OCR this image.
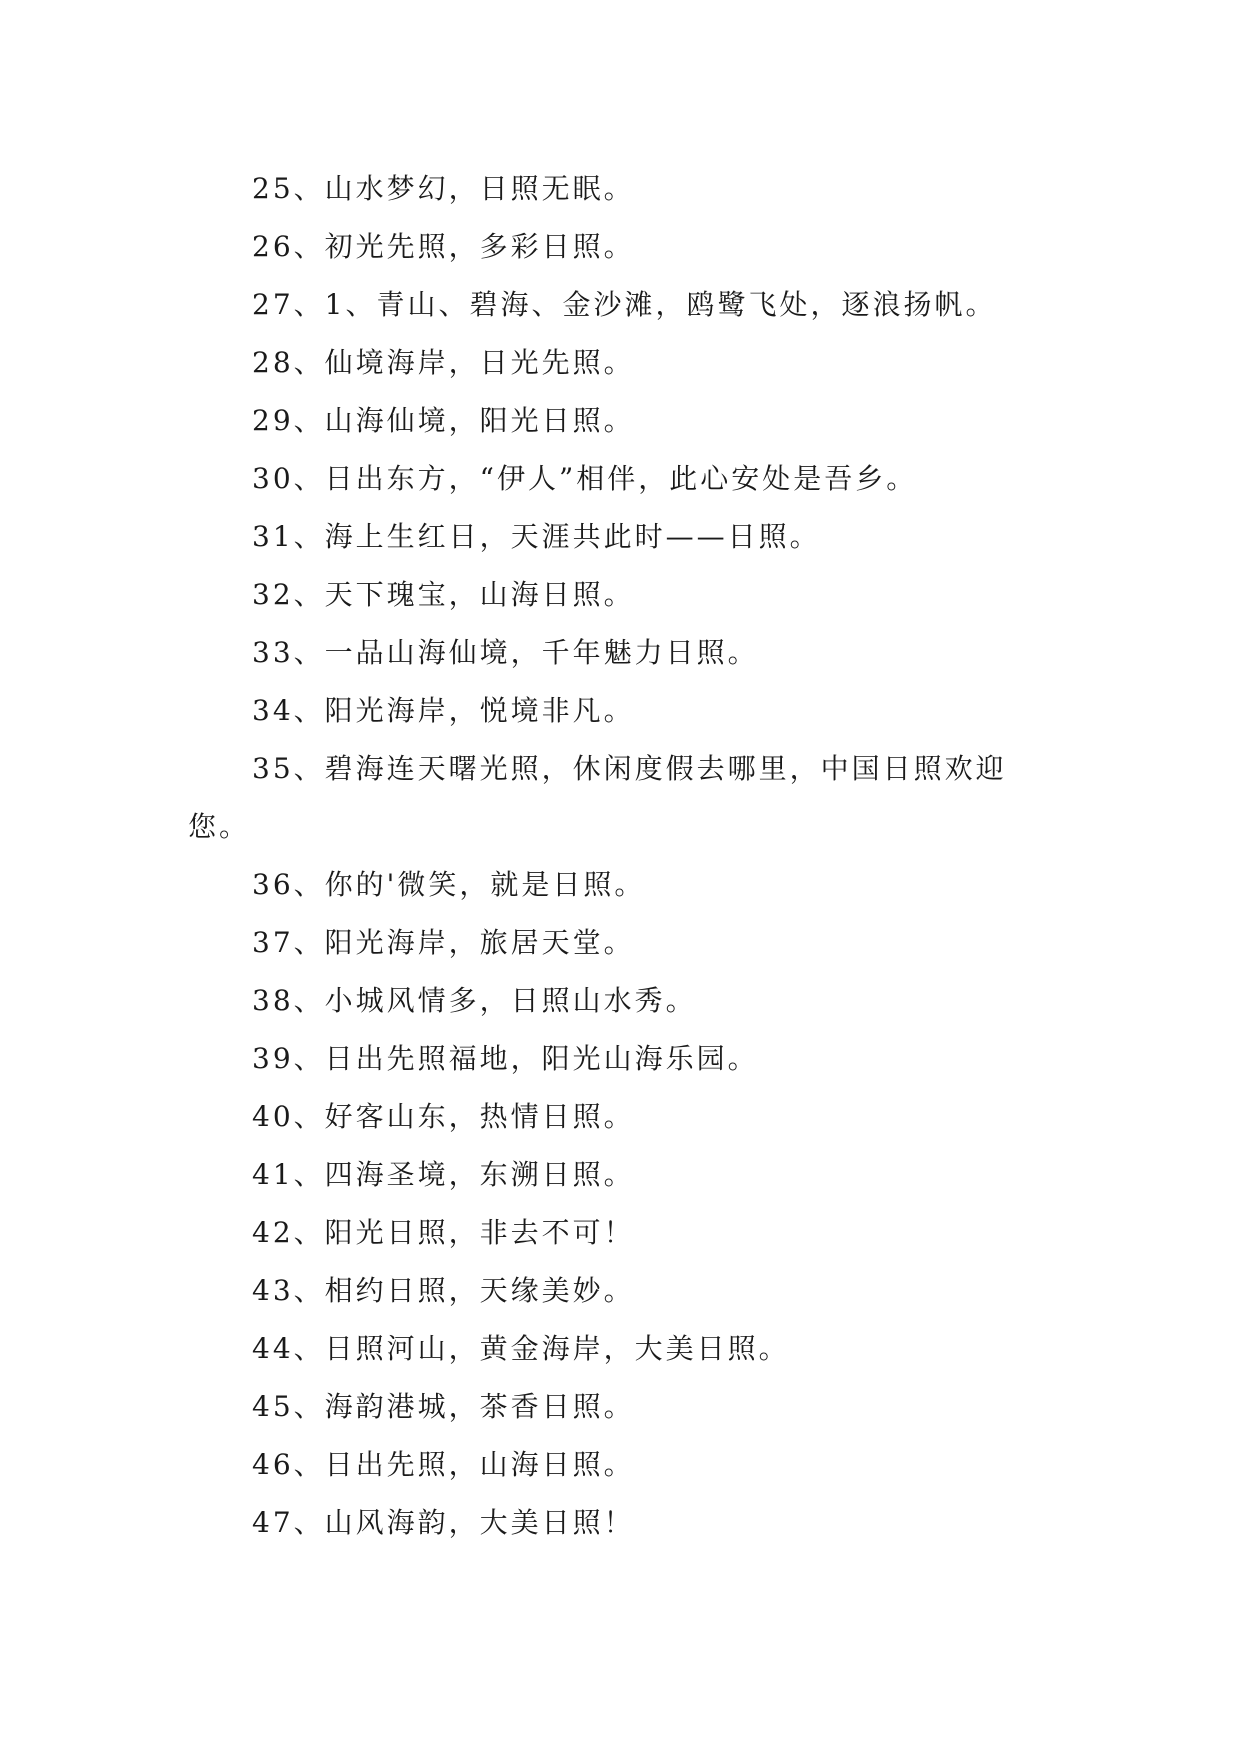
25、山水梦幻，日照无眠。

26、初光先照，多彩日照。

27、1、青山、碧海、金沙滩，鸥鹭飞处，逐浪扬帆。

28、仙境海岸，日光先照。

29、山海仙境，阳光日照。

30、日出东方，“伊人”相伴，此心安处是吾乡。

31、海上生红日，天涯共此时——日照。

32、天下瑰宝，山海日照。

33、一品山海仙境，千年魅力日照。

34、阳光海岸，悦境非凡。

35、碧海连天曙光照，休闲度假去哪里，中国日照欢迎您。

36、你的'微笑，就是日照。

37、阳光海岸，旅居天堂。

38、小城风情多，日照山水秀。

39、日出先照福地，阳光山海乐园。

40、好客山东，热情日照。

41、四海圣境，东溯日照。

42、阳光日照，非去不可！

43、相约日照，天缘美妙。

44、日照河山，黄金海岸，大美日照。

45、海韵港城，茶香日照。

46、日出先照，山海日照。

47、山风海韵，大美日照！
